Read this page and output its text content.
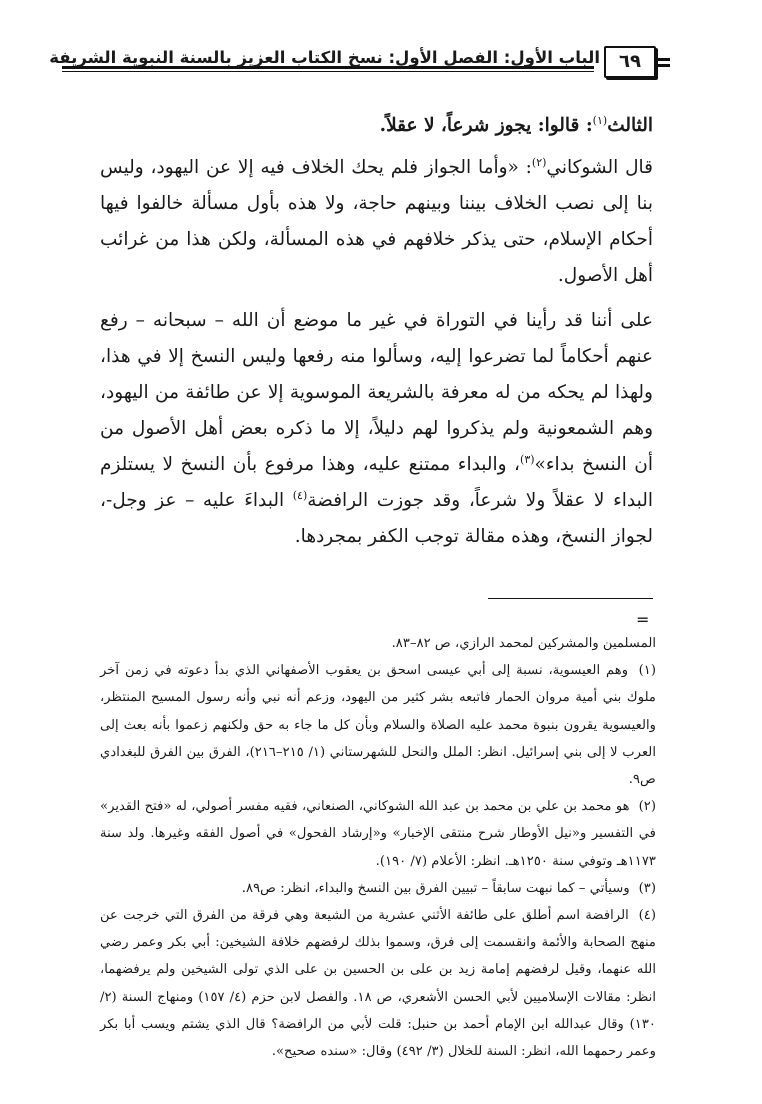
الباب الأول: الفصل الأول: نسخ الكتاب العزيز بالسنة النبوية الشريفة	٦٩

الثالث$^{(١)}$: قالوا: يجوز شرعاً، لا عقلاً.

قال الشوكاني$^{(٢)}$: «وأما الجواز فلم يحك الخلاف فيه إلا عن اليهود، وليس بنا إلى نصب الخلاف بيننا وبينهم حاجة، ولا هذه بأول مسألة خالفوا فيها أحكام الإسلام، حتى يذكر خلافهم في هذه المسألة، ولكن هذا من غرائب أهل الأصول.

على أننا قد رأينا في التوراة في غير ما موضع أن الله – سبحانه – رفع عنهم أحكاماً لما تضرعوا إليه، وسألوا منه رفعها وليس النسخ إلا في هذا، ولهذا لم يحكه من له معرفة بالشريعة الموسوية إلا عن طائفة من اليهود، وهم الشمعونية ولم يذكروا لهم دليلاً، إلا ما ذكره بعض أهل الأصول من أن النسخ بداء»$^{(٣)}$، والبداء ممتنع عليه، وهذا مرفوع بأن النسخ لا يستلزم البداء لا عقلاً ولا شرعاً، وقد جوزت الرافضة$^{(٤)}$ البداءَ عليه – عز وجل-، لجواز النسخ، وهذه مقالة توجب الكفر بمجردها.

=

المسلمين والمشركين لمحمد الرازي، ص ٨٢–٨٣.

(١) وهم العيسوية، نسبة إلى أبي عيسى اسحق بن يعقوب الأصفهاني الذي بدأ دعوته في زمن آخر ملوك بني أمية مروان الحمار فاتبعه بشر كثير من اليهود، وزعم أنه نبي وأنه رسول المسيح المنتظر، والعيسوية يقرون بنبوة محمد عليه الصلاة والسلام وبأن كل ما جاء به حق ولكنهم زعموا بأنه بعث إلى العرب لا إلى بني إسرائيل. انظر: الملل والنحل للشهرستاني (١/ ٢١٥–٢١٦)، الفرق بين الفرق للبغدادي ص٩.

(٢) هو محمد بن علي بن محمد بن عبد الله الشوكاني، الصنعاني، فقيه مفسر أصولي، له «فتح القدير» في التفسير و«نيل الأوطار شرح منتقى الإخبار» و«إرشاد الفحول» في أصول الفقه وغيرها. ولد سنة ١١٧٣هـ وتوفي سنة ١٢٥٠هـ. انظر: الأعلام (٧/ ١٩٠).

(٣) وسيأتي – كما نبهت سابقاً – تبيين الفرق بين النسخ والبداء، انظر: ص٨٩.

(٤) الرافضة اسم أطلق على طائفة الأثني عشرية من الشيعة وهي فرقة من الفرق التي خرجت عن منهج الصحابة والأئمة وانقسمت إلى فرق، وسموا بذلك لرفضهم خلافة الشيخين: أبي بكر وعمر رضي الله عنهما، وقيل لرفضهم إمامة زيد بن على بن الحسين بن على الذي تولى الشيخين ولم يرفضهما، انظر: مقالات الإسلاميين لأبي الحسن الأشعري، ص ١٨. والفصل لابن حزم (٤/ ١٥٧) ومنهاج السنة (٢/ ١٣٠) وقال عبدالله ابن الإمام أحمد بن حنبل: قلت لأبي من الرافضة؟ قال الذي يشتم ويسب أبا بكر وعمر رحمهما الله، انظر: السنة للخلال (٣/ ٤٩٢) وقال: «سنده صحيح».
